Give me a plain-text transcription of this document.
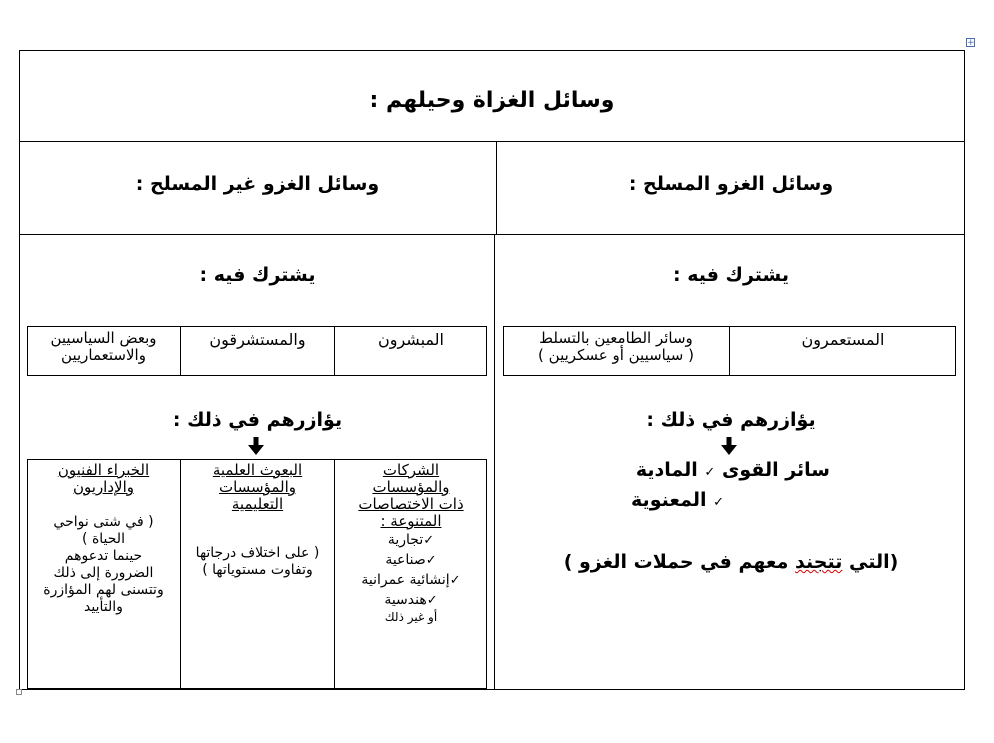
+
وسائل الغزاة وحيلهم :
وسائل الغزو المسلح :
وسائل الغزو غير المسلح :
يشترك فيه :
يشترك فيه :
المستعمرون
وسائر الطامعين بالتسلط
( سياسيين أو عسكريين )
المبشرون
والمستشرقون
وبعض السياسيين
والاستعماريين
يؤازرهم في ذلك :
يؤازرهم في ذلك :
سائر القوى ✓ المادية
✓ المعنوية
(التي تتجند معهم في حملات الغزو )
الشركات
والمؤسسات
ذات الاختصاصات
المتنوعة :
✓تجارية
✓صناعية
✓إنشائية عمرانية
✓هندسية
أو غير ذلك
البعوث العلمية
والمؤسسات
التعليمية
( على اختلاف درجاتها
وتفاوت مستوياتها )
الخبراء الفنيون
والإداريون
( في شتى نواحي
الحياة )
حينما تدعوهم
الضرورة إلى ذلك
وتتسنى لهم المؤازرة
والتأييد
